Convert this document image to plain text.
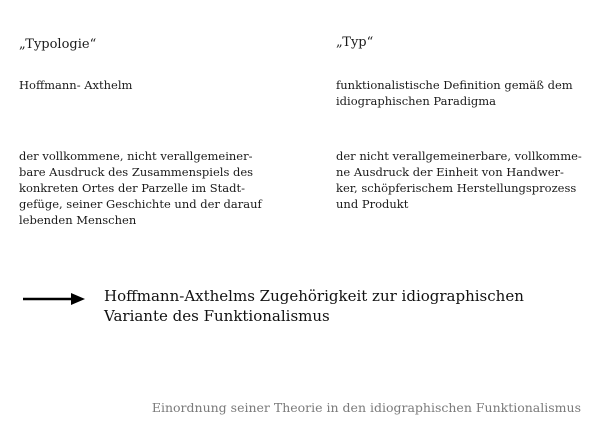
„Typologie“
Hoffmann- Axthelm
der vollkommene, nicht verallgemeiner-
bare Ausdruck des Zusammenspiels des
konkreten Ortes der Parzelle im Stadt-
gefüge, seiner Geschichte und der darauf
lebenden Menschen
„Typ“
funktionalistische Definition gemäß dem
idiographischen Paradigma
der nicht verallgemeinerbare, vollkomme-
ne Ausdruck der Einheit von Handwer-
ker, schöpferischem Herstellungsprozess
und Produkt
Hoffmann-Axthelms Zugehörigkeit zur idiographischen
Variante des Funktionalismus
Einordnung seiner Theorie in den idiographischen Funktionalismus
